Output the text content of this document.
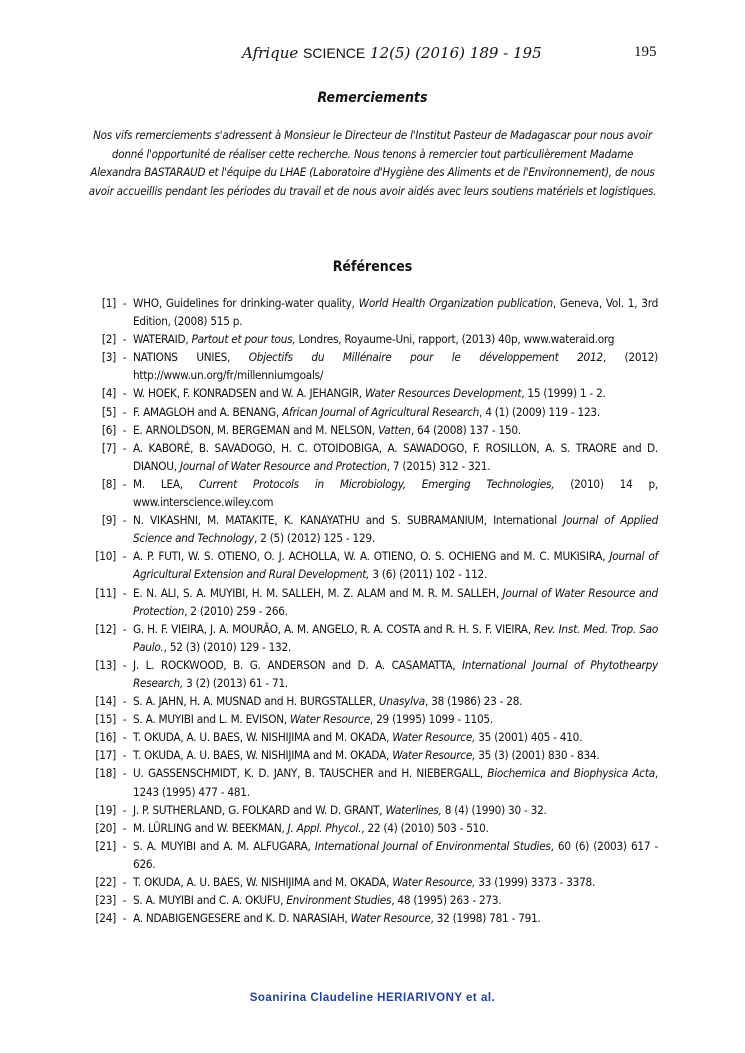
Afrique SCIENCE 12(5) (2016) 189 - 195	195
Remerciements
Nos vifs remerciements s'adressent à Monsieur le Directeur de l'Institut Pasteur de Madagascar pour nous avoir donné l'opportunité de réaliser cette recherche. Nous tenons à remercier tout particulièrement Madame Alexandra BASTARAUD et l'équipe du LHAE (Laboratoire d'Hygiène des Aliments et de l'Environnement), de nous avoir accueillis pendant les périodes du travail et de nous avoir aidés avec leurs soutiens matériels et logistiques.
Références
[1] - WHO, Guidelines for drinking-water quality, World Health Organization publication, Geneva, Vol. 1, 3rd Edition, (2008) 515 p.
[2] - WATERAID, Partout et pour tous, Londres, Royaume-Uni, rapport, (2013) 40p, www.wateraid.org
[3] - NATIONS UNIES, Objectifs du Millénaire pour le développement 2012, (2012) http://www.un.org/fr/millenniumgoals/
[4] - W. HOEK, F. KONRADSEN and W. A. JEHANGIR, Water Resources Development, 15 (1999) 1 - 2.
[5] - F. AMAGLOH and A. BENANG, African Journal of Agricultural Research, 4 (1) (2009) 119 - 123.
[6] - E. ARNOLDSON, M. BERGEMAN and M. NELSON, Vatten, 64 (2008) 137 - 150.
[7] - A. KABORÉ, B. SAVADOGO, H. C. OTOIDOBIGA, A. SAWADOGO, F. ROSILLON, A. S. TRAORE and D. DIANOU, Journal of Water Resource and Protection, 7 (2015) 312 - 321.
[8] - M. LEA, Current Protocols in Microbiology, Emerging Technologies, (2010) 14 p, www.interscience.wiley.com
[9] - N. VIKASHNI, M. MATAKITE, K. KANAYATHU and S. SUBRAMANIUM, International Journal of Applied Science and Technology, 2 (5) (2012) 125 - 129.
[10] - A. P. FUTI, W. S. OTIENO, O. J. ACHOLLA, W. A. OTIENO, O. S. OCHIENG and M. C. MUKISIRA, Journal of Agricultural Extension and Rural Development, 3 (6) (2011) 102 - 112.
[11] - E. N. ALI, S. A. MUYIBI, H. M. SALLEH, M. Z. ALAM and M. R. M. SALLEH, Journal of Water Resource and Protection, 2 (2010) 259 - 266.
[12] - G. H. F. VIEIRA, J. A. MOURÃO, A. M. ANGELO, R. A. COSTA and R. H. S. F. VIEIRA, Rev. Inst. Med. Trop. Sao Paulo., 52 (3) (2010) 129 - 132.
[13] - J. L. ROCKWOOD, B. G. ANDERSON and D. A. CASAMATTA, International Journal of Phytothearpy Research, 3 (2) (2013) 61 - 71.
[14] - S. A. JAHN, H. A. MUSNAD and H. BURGSTALLER, Unasylva, 38 (1986) 23 - 28.
[15] - S. A. MUYIBI and L. M. EVISON, Water Resource, 29 (1995) 1099 - 1105.
[16] - T. OKUDA, A. U. BAES, W. NISHIJIMA and M. OKADA, Water Resource, 35 (2001) 405 - 410.
[17] - T. OKUDA, A. U. BAES, W. NISHIJIMA and M. OKADA, Water Resource, 35 (3) (2001) 830 - 834.
[18] - U. GASSENSCHMIDT, K. D. JANY, B. TAUSCHER and H. NIEBERGALL, Biochemica and Biophysica Acta, 1243 (1995) 477 - 481.
[19] - J. P. SUTHERLAND, G. FOLKARD and W. D. GRANT, Waterlines, 8 (4) (1990) 30 - 32.
[20] - M. LÜRLING and W. BEEKMAN, J. Appl. Phycol., 22 (4) (2010) 503 - 510.
[21] - S. A. MUYIBI and A. M. ALFUGARA, International Journal of Environmental Studies, 60 (6) (2003) 617 - 626.
[22] - T. OKUDA, A. U. BAES, W. NISHIJIMA and M. OKADA, Water Resource, 33 (1999) 3373 - 3378.
[23] - S. A. MUYIBI and C. A. OKUFU, Environment Studies, 48 (1995) 263 - 273.
[24] - A. NDABIGENGESERE and K. D. NARASIAH, Water Resource, 32 (1998) 781 - 791.
Soanirina Claudeline HERIARIVONY et al.
